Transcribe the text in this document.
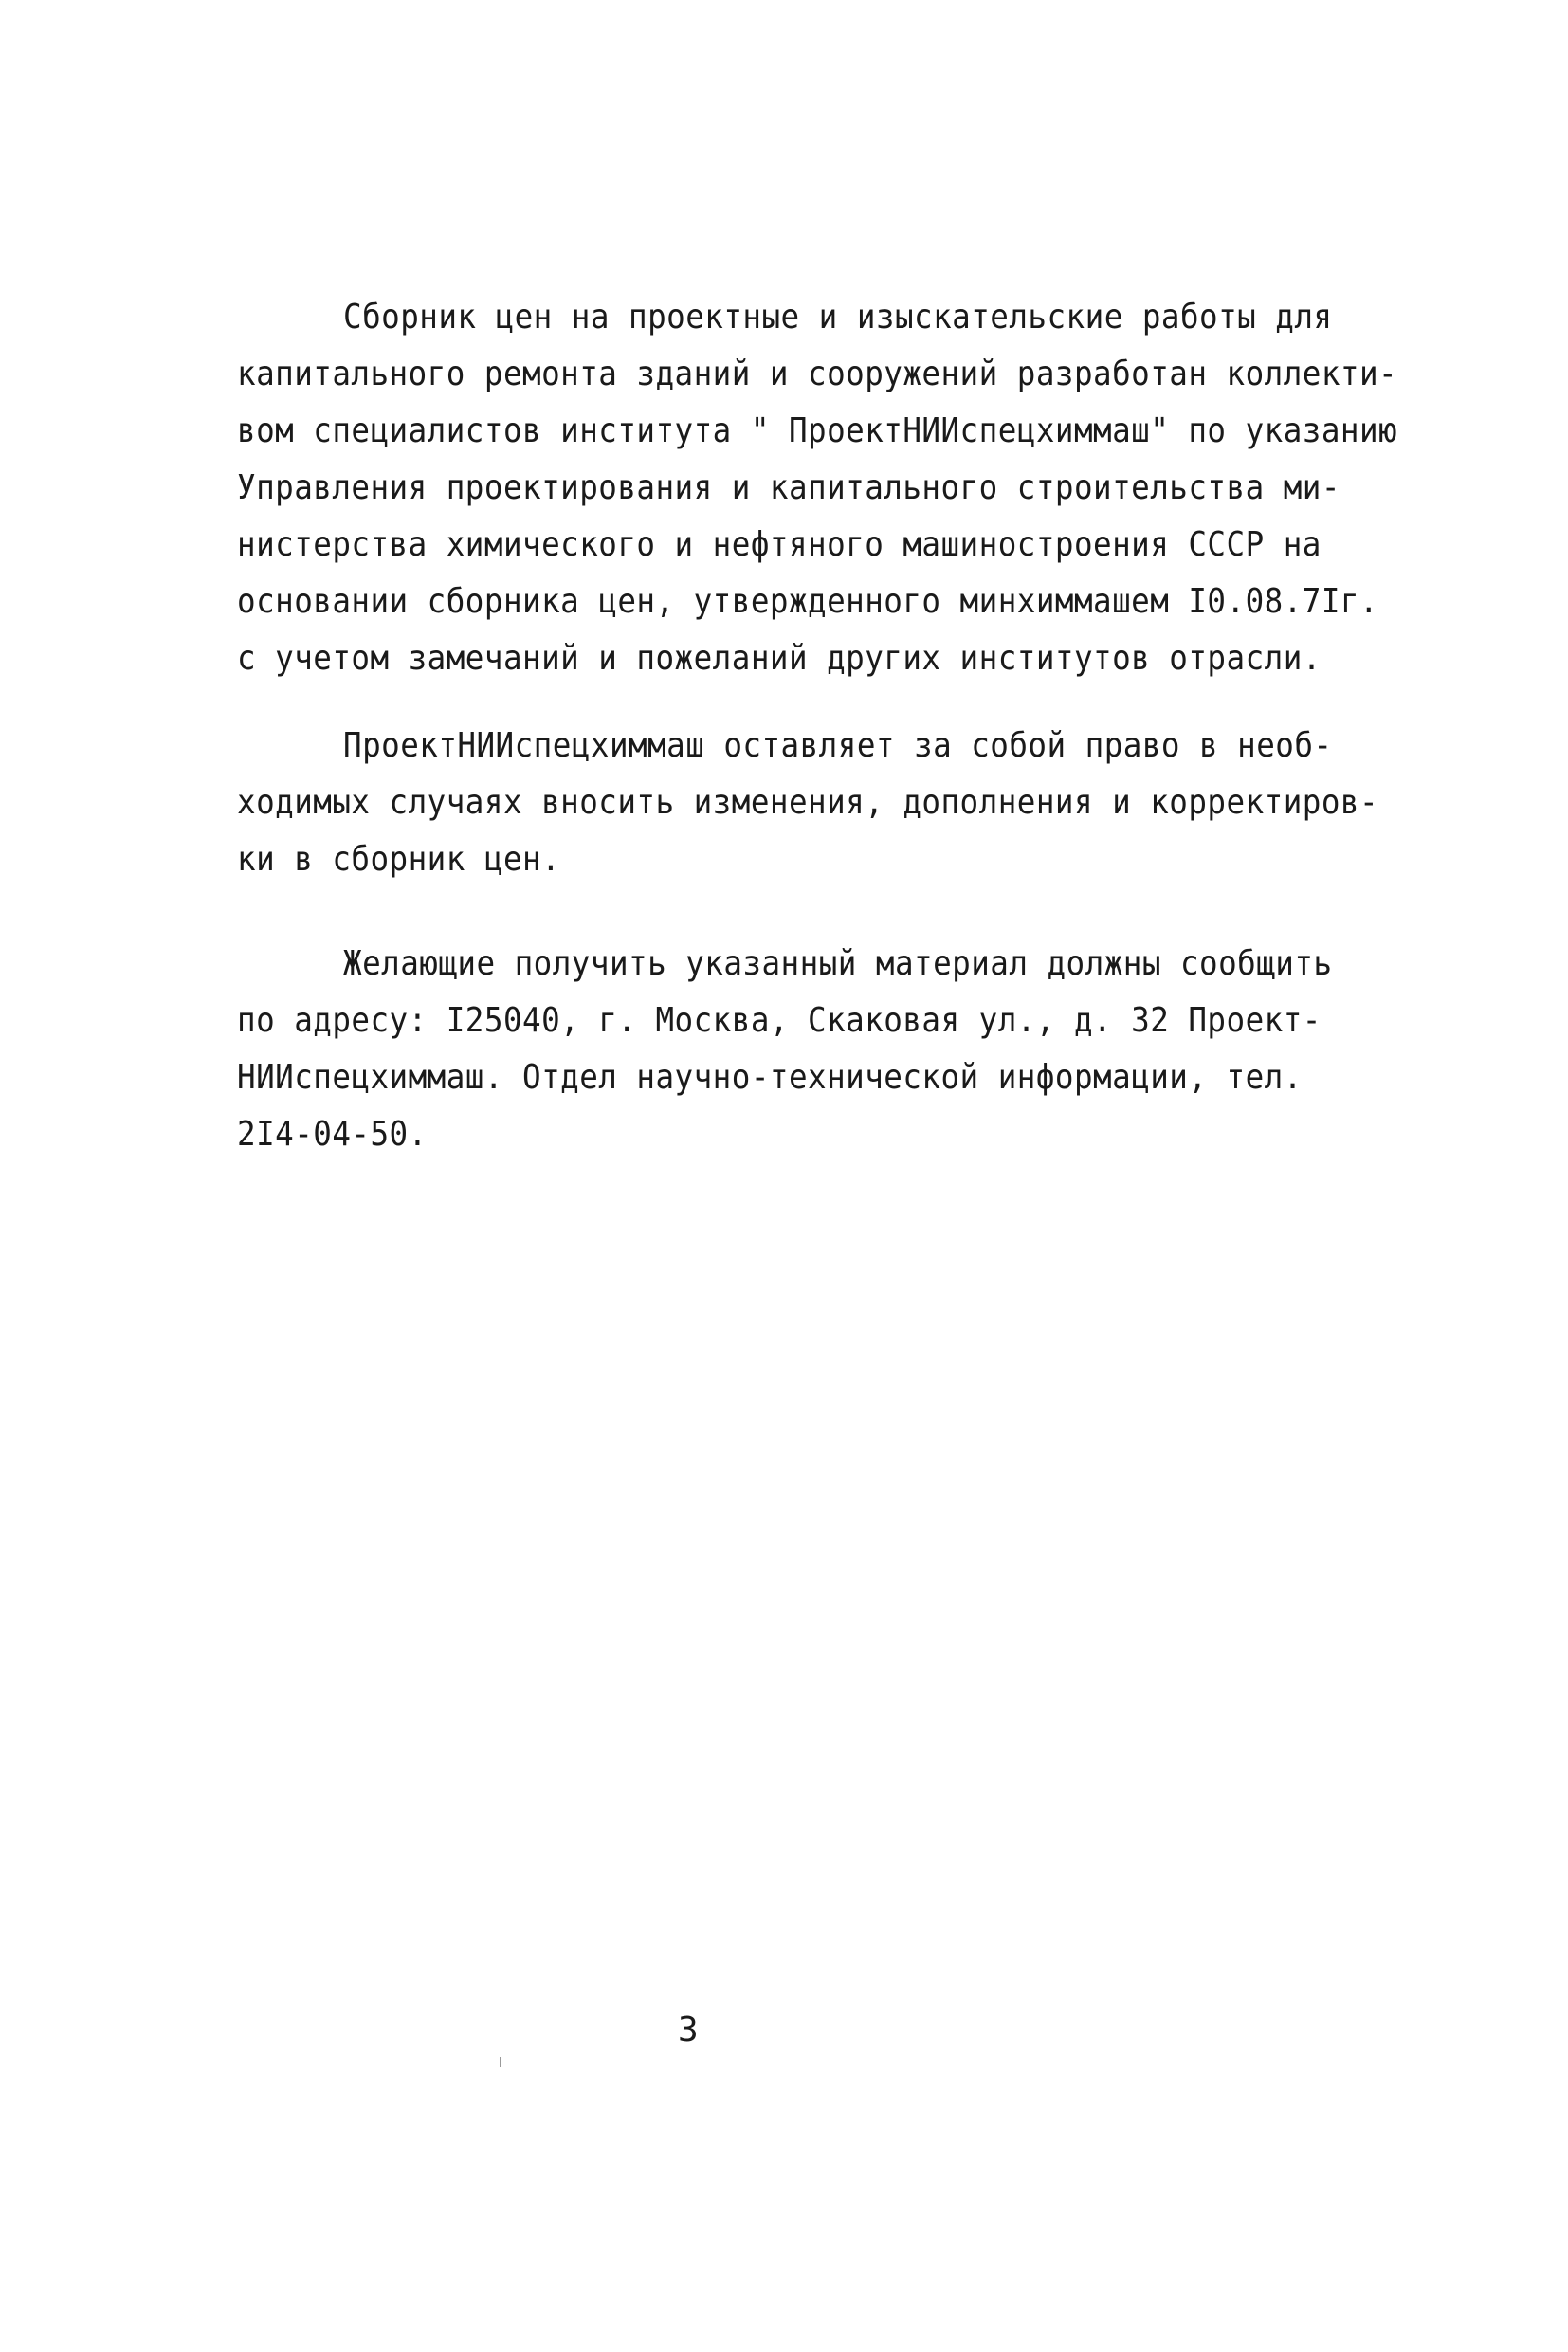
Сборник цен на проектные и изыскательские работы для

капитального ремонта зданий и сооружений разработан коллекти-

вом специалистов института " ПроектНИИспецхиммаш" по указанию

Управления проектирования и капитального строительства ми-

нистерства химического и нефтяного машиностроения СССР на

основании сборника цен, утвержденного минхиммашем I0.08.7Iг.

с учетом замечаний и пожеланий других институтов отрасли.

ПроектНИИспецхиммаш оставляет за собой право в необ-

ходимых случаях вносить изменения, дополнения и корректиров-

ки в сборник цен.

Желающие получить указанный материал должны сообщить

по адресу: I25040, г. Москва, Скаковая ул., д. 32 Проект-

НИИспецхиммаш. Отдел научно-технической информации, тел.

2I4-04-50.

3
